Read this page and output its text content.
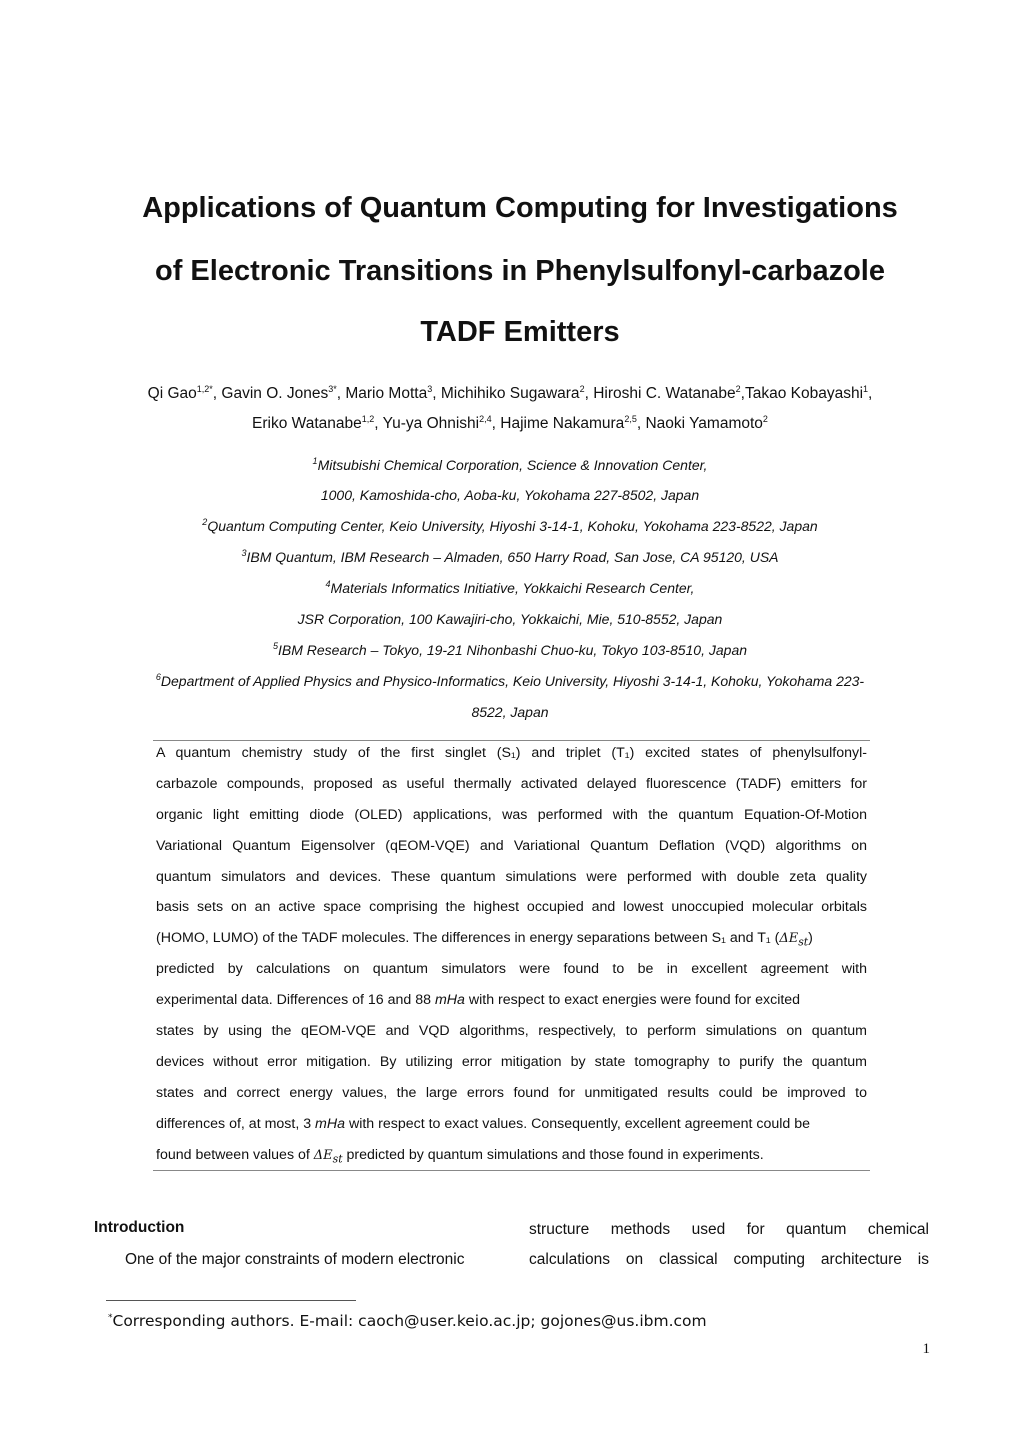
Applications of Quantum Computing for Investigations
of Electronic Transitions in Phenylsulfonyl-carbazole
TADF Emitters
Qi Gao$^{1,2*}$, Gavin O. Jones$^{3*}$, Mario Motta$^3$, Michihiko Sugawara$^2$, Hiroshi C. Watanabe$^2$,Takao Kobayashi$^1$,
Eriko Watanabe$^{1,2}$, Yu-ya Ohnishi$^{2,4}$, Hajime Nakamura$^{2,5}$, Naoki Yamamoto$^2$
$^1$Mitsubishi Chemical Corporation, Science & Innovation Center,
1000, Kamoshida-cho, Aoba-ku, Yokohama 227-8502, Japan
$^2$Quantum Computing Center, Keio University, Hiyoshi 3-14-1, Kohoku, Yokohama 223-8522, Japan
$^3$IBM Quantum, IBM Research – Almaden, 650 Harry Road, San Jose, CA 95120, USA
$^4$Materials Informatics Initiative, Yokkaichi Research Center,
JSR Corporation, 100 Kawajiri-cho, Yokkaichi, Mie, 510-8552, Japan
$^5$IBM Research – Tokyo, 19-21 Nihonbashi Chuo-ku, Tokyo 103-8510, Japan
$^6$Department of Applied Physics and Physico-Informatics, Keio University, Hiyoshi 3-14-1, Kohoku, Yokohama 223-
8522, Japan
A quantum chemistry study of the first singlet (S₁) and triplet (T₁) excited states of phenylsulfonyl-
carbazole compounds, proposed as useful thermally activated delayed fluorescence (TADF) emitters for
organic light emitting diode (OLED) applications, was performed with the quantum Equation-Of-Motion
Variational Quantum Eigensolver (qEOM-VQE) and Variational Quantum Deflation (VQD) algorithms on
quantum simulators and devices. These quantum simulations were performed with double zeta quality
basis sets on an active space comprising the highest occupied and lowest unoccupied molecular orbitals
(HOMO, LUMO) of the TADF molecules. The differences in energy separations between S₁ and T₁ $(\Delta E_{st})$
predicted by calculations on quantum simulators were found to be in excellent agreement with
experimental data. Differences of 16 and 88 mHa with respect to exact energies were found for excited
states by using the qEOM-VQE and VQD algorithms, respectively, to perform simulations on quantum
devices without error mitigation. By utilizing error mitigation by state tomography to purify the quantum
states and correct energy values, the large errors found for unmitigated results could be improved to
differences of, at most, 3 mHa with respect to exact values. Consequently, excellent agreement could be
found between values of $\Delta E_{st}$ predicted by quantum simulations and those found in experiments.
Introduction
One of the major constraints of modern electronic
structure methods used for quantum chemical
calculations on classical computing architecture is
*Corresponding authors. E-mail: caoch@user.keio.ac.jp; gojones@us.ibm.com
1
